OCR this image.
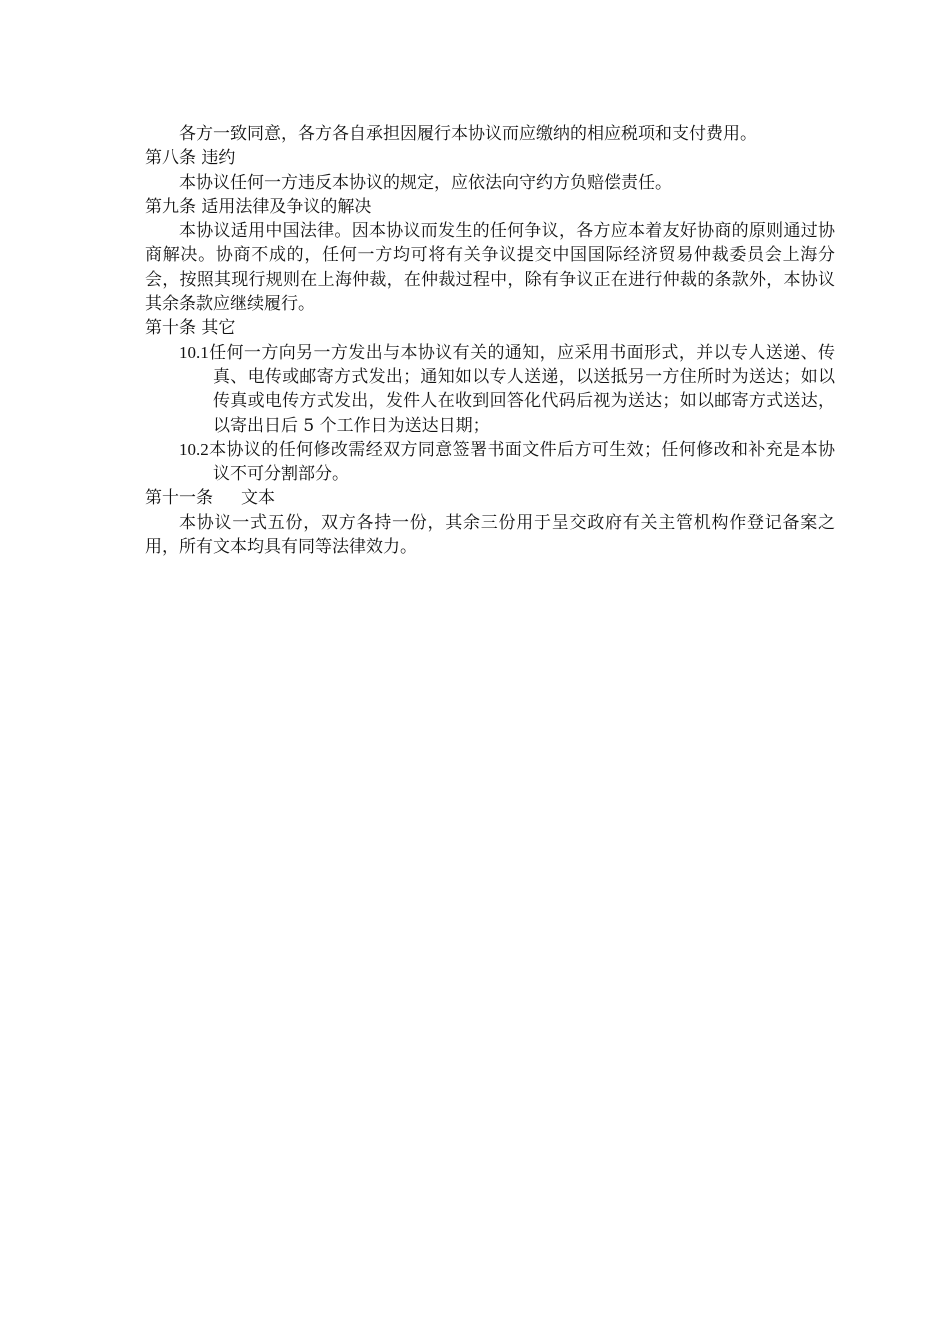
各方一致同意，各方各自承担因履行本协议而应缴纳的相应税项和支付费用。

第八条 违约

本协议任何一方违反本协议的规定，应依法向守约方负赔偿责任。

第九条 适用法律及争议的解决

本协议适用中国法律。因本协议而发生的任何争议，各方应本着友好协商的原则通过协商解决。协商不成的，任何一方均可将有关争议提交中国国际经济贸易仲裁委员会上海分会，按照其现行规则在上海仲裁，在仲裁过程中，除有争议正在进行仲裁的条款外，本协议其余条款应继续履行。

第十条 其它

10.1任何一方向另一方发出与本协议有关的通知，应采用书面形式，并以专人送递、传真、电传或邮寄方式发出；通知如以专人送递，以送抵另一方住所时为送达；如以传真或电传方式发出，发件人在收到回答化代码后视为送达；如以邮寄方式送达，以寄出日后 5 个工作日为送达日期；

10.2本协议的任何修改需经双方同意签署书面文件后方可生效；任何修改和补充是本协议不可分割部分。

第十一条 文本

本协议一式五份，双方各持一份，其余三份用于呈交政府有关主管机构作登记备案之用，所有文本均具有同等法律效力。
